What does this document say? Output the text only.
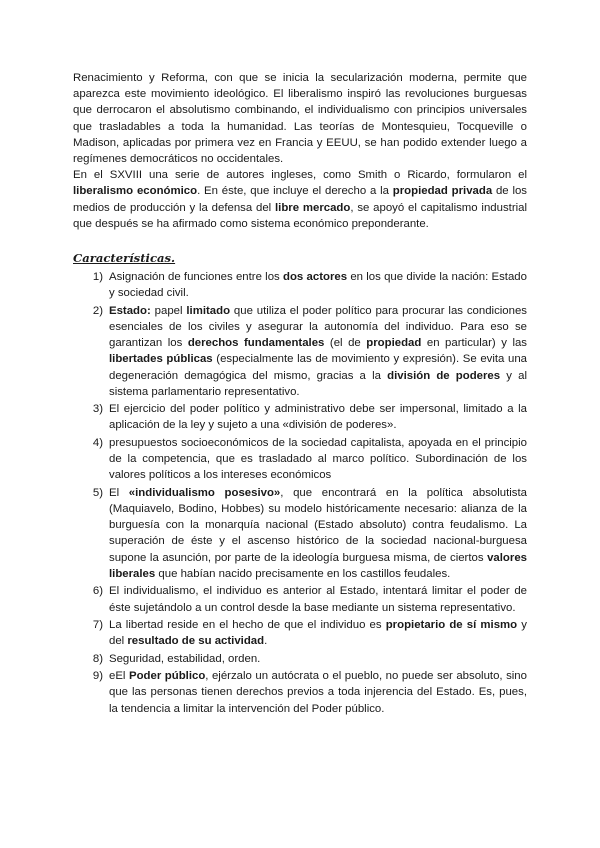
Renacimiento y Reforma, con que se inicia la secularización moderna, permite que aparezca este movimiento ideológico. El liberalismo inspiró las revoluciones burguesas que derrocaron el absolutismo combinando, el individualismo con principios universales que trasladables a toda la humanidad. Las teorías de Montesquieu, Tocqueville o Madison, aplicadas por primera vez en Francia y EEUU, se han podido extender luego a regímenes democráticos no occidentales.

En el SXVIII una serie de autores ingleses, como Smith o Ricardo, formularon el liberalismo económico. En éste, que incluye el derecho a la propiedad privada de los medios de producción y la defensa del libre mercado, se apoyó el capitalismo industrial que después se ha afirmado como sistema económico preponderante.

Características.
1) Asignación de funciones entre los dos actores en los que divide la nación: Estado y sociedad civil.
2) Estado: papel limitado que utiliza el poder político para procurar las condiciones esenciales de los civiles y asegurar la autonomía del individuo. Para eso se garantizan los derechos fundamentales (el de propiedad en particular) y las libertades públicas (especialmente las de movimiento y expresión). Se evita una degeneración demagógica del mismo, gracias a la división de poderes y al sistema parlamentario representativo.
3) El ejercicio del poder político y administrativo debe ser impersonal, limitado a la aplicación de la ley y sujeto a una «división de poderes».
4) presupuestos socioeconómicos de la sociedad capitalista, apoyada en el principio de la competencia, que es trasladado al marco político. Subordinación de los valores políticos a los intereses económicos
5) El «individualismo posesivo», que encontrará en la política absolutista (Maquiavelo, Bodino, Hobbes) su modelo históricamente necesario: alianza de la burguesía con la monarquía nacional (Estado absoluto) contra feudalismo. La superación de éste y el ascenso histórico de la sociedad nacional-burguesa supone la asunción, por parte de la ideología burguesa misma, de ciertos valores liberales que habían nacido precisamente en los castillos feudales.
6) El individualismo, el individuo es anterior al Estado, intentará limitar el poder de éste sujetándolo a un control desde la base mediante un sistema representativo.
7) La libertad reside en el hecho de que el individuo es propietario de sí mismo y del resultado de su actividad.
8) Seguridad, estabilidad, orden.
9) eEl Poder público, ejérzalo un autócrata o el pueblo, no puede ser absoluto, sino que las personas tienen derechos previos a toda injerencia del Estado. Es, pues, la tendencia a limitar la intervención del Poder público.
